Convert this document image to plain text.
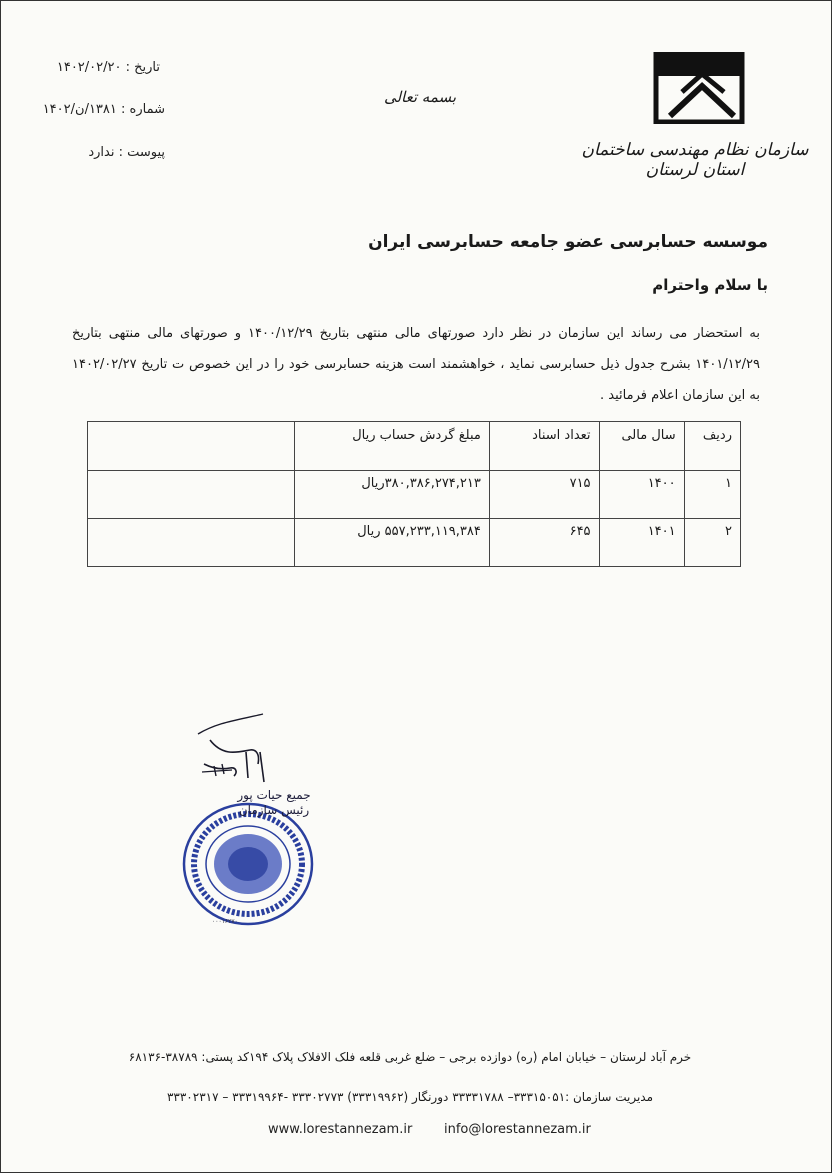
تاریخ : ۱۴۰۲/۰۲/۲۰
شماره : ۱۳۸۱/ن/۱۴۰۲
پیوست : ندارد
بسمه تعالی
سازمان نظام مهندسی ساختمان استان لرستان
موسسه حسابرسی عضو جامعه حسابرسی ایران
با سلام واحترام
به استحضار می رساند این سازمان در نظر دارد صورتهای مالی منتهی بتاریخ ۱۴۰۰/۱۲/۲۹ و صورتهای مالی منتهی بتاریخ ۱۴۰۱/۱۲/۲۹ بشرح جدول ذیل حسابرسی نماید ، خواهشمند است هزینه حسابرسی خود را در این خصوص ت تاریخ ۱۴۰۲/۰۲/۲۷ به این سازمان اعلام فرمائید .
ردیف	سال مالی	تعداد اسناد	مبلغ گردش حساب ریال	
۱	۱۴۰۰	۷۱۵	۳۸۰,۳۸۶,۲۷۴,۲۱۳ریال	
۲	۱۴۰۱	۶۴۵	۵۵۷,۲۳۳,۱۱۹,۳۸۴ ریال	
جمیع حیات پور
رئیس سازمان
۰۰۰۱۶۲۷۰
خرم آباد لرستان – خیابان امام (ره) دوازده برجی – ضلع غربی قلعه فلک الافلاک پلاک ۱۹۴کد پستی: ۳۸۷۸۹-۶۸۱۳۶
مدیریت سازمان :۳۳۳۱۵۰۵۱– ۳۳۳۳۱۷۸۸ دورنگار (۳۳۳۱۹۹۶۲) ۳۳۳۰۲۷۷۳ -۳۳۳۱۹۹۶۴ – ۳۳۳۰۲۳۱۷
www.lorestannezam.ir info@lorestannezam.ir
